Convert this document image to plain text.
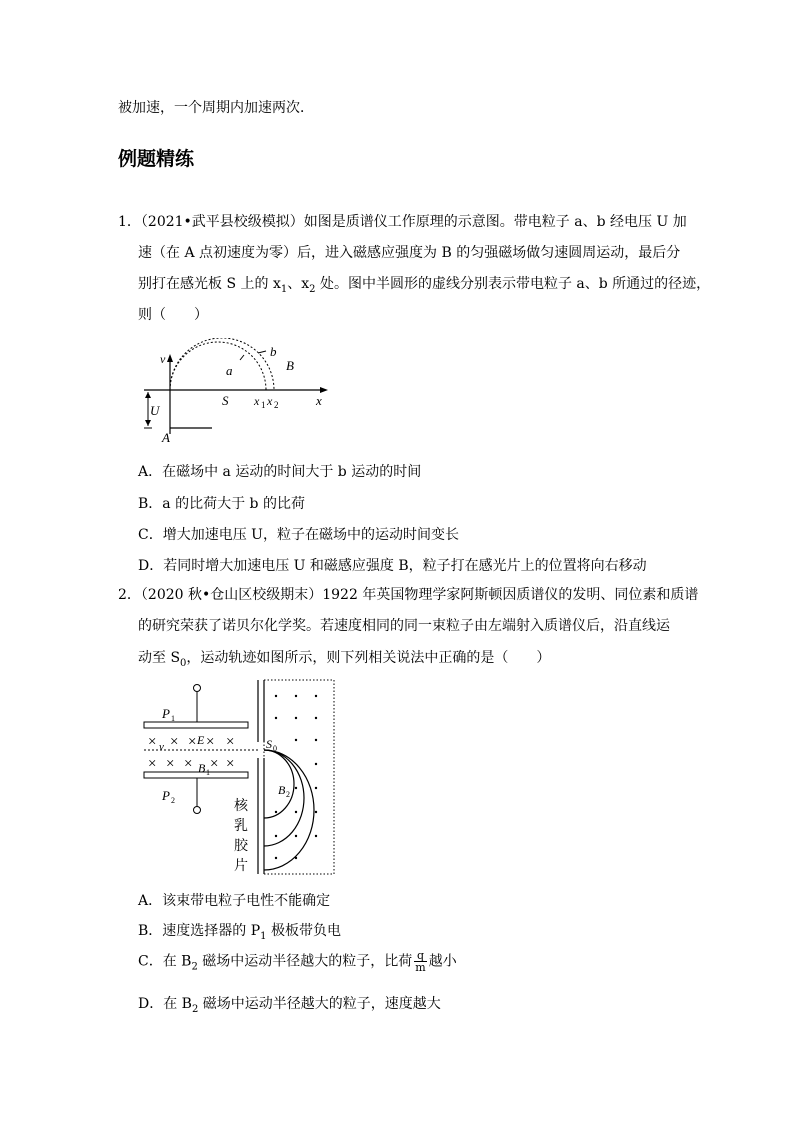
被加速，一个周期内加速两次．
例题精练
1．（2021•武平县校级模拟）如图是质谱仪工作原理的示意图。带电粒子 a、b 经电压 U 加
速（在 A 点初速度为零）后，进入磁感应强度为 B 的匀强磁场做匀速圆周运动，最后分
别打在感光板 S 上的 $x_1$、$x_2$ 处。图中半圆形的虚线分别表示带电粒子 a、b 所通过的径迹，
则（　　）
v
a
b
B
U
S x 1 x 2	x
A
A．在磁场中 a 运动的时间大于 b 运动的时间
B．a 的比荷大于 b 的比荷
C．增大加速电压 U，粒子在磁场中的运动时间变长
D．若同时增大加速电压 U 和磁感应强度 B，粒子打在感光片上的位置将向右移动
2．（2020 秋•仓山区校级期末）1922 年英国物理学家阿斯顿因质谱仪的发明、同位素和质谱
的研究荣获了诺贝尔化学奖。若速度相同的同一束粒子由左端射入质谱仪后，沿直线运
动至 $S_0$，运动轨迹如图所示，则下列相关说法中正确的是（　　）
× × × × ×
v	E
× × × × ×
B 1
P 1
P 2
S 0
B 2
核
乳
胶
片
A．该束带电粒子电性不能确定
B．速度选择器的 $P_1$ 极板带负电
C．在 $B_2$ 磁场中运动半径越大的粒子，比荷 $\frac{q}{m}$ 越小
D．在 $B_2$ 磁场中运动半径越大的粒子，速度越大
